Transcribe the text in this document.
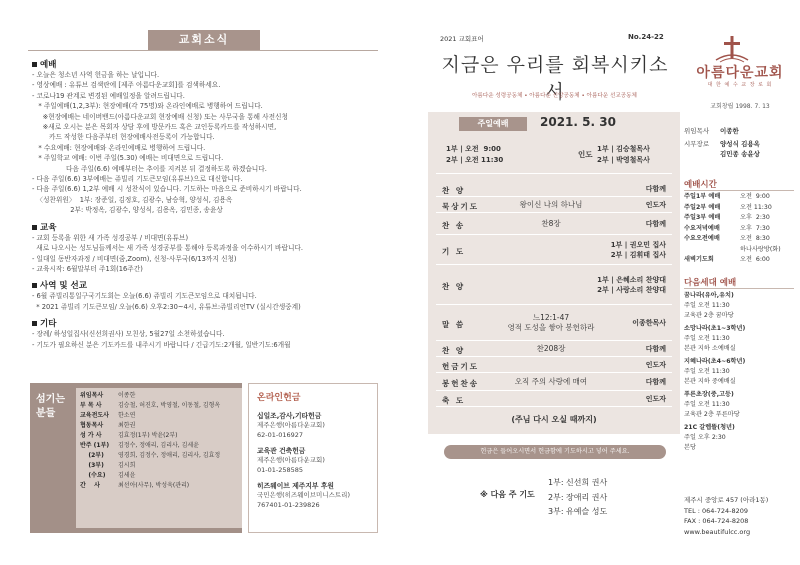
교회소식
예배
- 오늘은 청소년 사역 헌금을 하는 날입니다.
- 영상예배 : 유튜브 검색란에 [제주 아름다운교회]를 검색하세요.
- 코로나19 관계로 변경된 예배일정을 알려드립니다.
* 주일예배(1,2,3부): 현장예배(각 75명)와 온라인예배로 병행하여 드립니다.
※현장예배는 네이버밴드(아름다운교회 현장예배 신청) 또는 사무국을 통해 사전신청
※새로 오시는 분은 목회자 상담 후에 방문카드 혹은 교인등록카드를 작성하시면,
카드 작성한 다음주부터 현장예배사전등록이 가능합니다.
* 수요예배: 현장예배와 온라인예배로 병행하여 드립니다.
* 주일학교 예배: 이번 주일(5.30) 예배는 비대면으로 드립니다.
다음 주일(6.6) 예배부터는 추이를 지켜본 뒤 결정하도록 하겠습니다.
- 다음 주일(6.6) 3부예배는 쥬빌리 기도큰모임(유튜브)으로 대신합니다.
- 다음 주일(6.6) 1,2부 예배 시 성찬식이 있습니다. 기도하는 마음으로 준비하시기 바랍니다.
〈성찬위원〉  1부: 장준일, 김정호, 김광수, 남승혁, 양성식, 김용옥
2부: 박정옥, 김광수, 양성식, 김용옥, 김민종, 송윤상
교육
- 교회 등록을 위한 새 가족 성경공부 / 비대면(유튜브)
새로 나오시는 성도님들께서는 새 가족 성경공부를 통해야 등록과정을 이수하시기 바랍니다.
- 일대일 동반자과정 / 비대면(줌,Zoom), 신청-사무국(6/13까지 신청)
- 교육시작: 6월말부터 주1회(16주간)
사역 및 선교
- 6월 쥬빌리통일구국기도회는 오늘(6.6) 쥬빌리 기도큰모임으로 대치됩니다.
* 2021 쥬빌리 기도큰모임/ 오늘(6.6) 오후2:30~4시, 유튜브:쥬빌리언TV (실시간생중계)
기타
- 장례/ 하성일집사(신선희권사) 모친상, 5월27일 소천하셨습니다.
- 기도가 필요하신 분은 기도카드를 내주시기 바랍니다 / 긴급기도:2개월, 일반기도:6개월
섬기는 분들
위임목사	이종한
부 목 사	김승철, 허진호, 박영철, 이동철, 김형옥
교육전도사	한소연
협동목사	최한권
성 가 사	김효정(1부) 박윤(2부)
반주 (1부)	김정수, 정애리, 김리사, 김세윤
(2부)	영경희, 김정수, 정애리, 김리사, 김효정
(3부)	김시희
(수요)	김세윤
간    사	최선아(사무), 박성욱(관리)
온라인헌금
십일조,감사,기타헌금
제주은행(아름다운교회)
62-01-016927
교육관 건축헌금
제주은행(아름다운교회)
01-01-258585
히즈웨이브 제주지부 후원
국민은행(히즈웨이브미니스트리)
767401-01-239826
2021 교회표어	No.24-22
지금은 우리를 회복시키소서
아름다운 성령공동체 • 아름다운 신앙공동체 • 아름다운 선교공동체
아름다운교회
대 한 예 수 교 장 로 회
교회창립 1998. 7. 13
주일예배	2021. 5. 30
1부 | 오전  9:00
2부 | 오전 11:30
인도
1부 | 김승철목사
2부 | 박영철목사
찬 양	다함께
묵상기도	왕이신 나의 하나님	인도자
찬 송	찬8장	다함께
기 도
1부 | 권오민 집사
2부 | 김휘태 집사
찬 양
1부 | 은혜소리 찬양대
2부 | 사랑소리 찬양대
말 씀
느12:1-47
영적 도성을 쌓아 봉헌하라	이종한목사
찬 양	찬208장	다함께
헌금기도	인도자
봉헌찬송	오직 주의 사랑에 매여	다함께
축 도	인도자
(주님 다시 오실 때까지)
헌금은 들어오시면서 헌금함에 기도하시고 넣어 주세요.
※ 다음 주 기도
1부: 신선희 권사
2부: 장애리 권사
3부: 유예슬 성도
위임목사	이종한
시무장로	양성식 김용옥
김민종 송윤상
예배시간
주일1부 예배	오전  9:00
주일2부 예배	오전 11:30
주일3부 예배	오후  2:30
수요저녁예배	오후  7:30
수요오전예배	오전  8:30
하나사랑방(화)
새벽기도회	오전  6:00
다음세대 예배
꿈나라(유아,유치)
주일 오전 11:30
교육관 2층 꿈마당
소망나라(초1~3학년)
주일 오전 11:30
본관 지하 소예배실
지혜나라(초4~6학년)
주일 오전 11:30
본관 지하 중예배실
푸른초장(중,고등)
주일 오전 11:30
교육관 2층 푸른마당
21C 갈렙뜰(청년)
주일 오후 2:30
본당
제주시 중앙로 457 (아라1동)
TEL : 064-724-8209
FAX : 064-724-8208
www.beautifulcc.org
